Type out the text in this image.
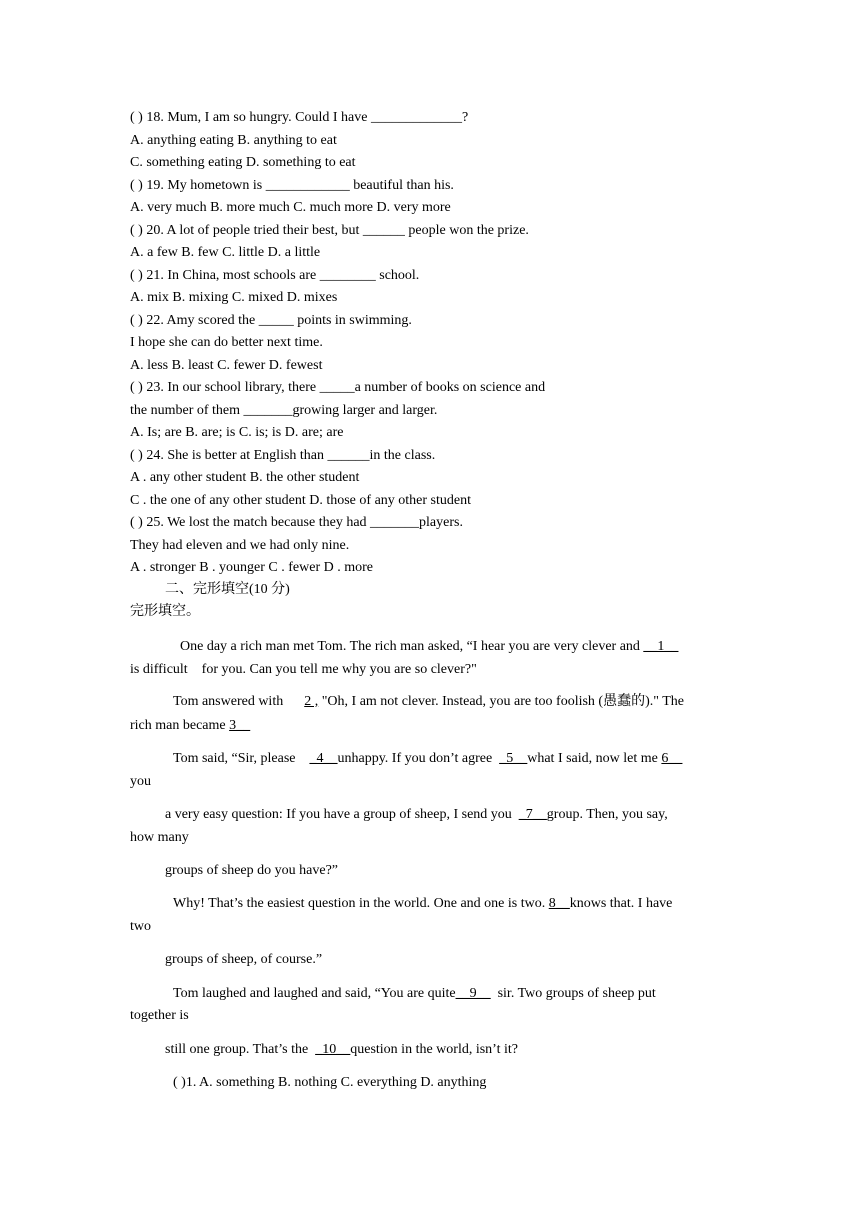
( ) 18. Mum, I am so hungry. Could I have _____________?
A. anything eating B. anything to eat
C. something eating D. something to eat
( ) 19. My hometown is ____________ beautiful than his.
A. very much B. more much C. much more D. very more
( ) 20. A lot of people tried their best, but ______ people won the prize.
A. a few B. few C. little D. a little
( ) 21. In China, most schools are ________ school.
A. mix B. mixing C. mixed D. mixes
( ) 22. Amy scored the _____ points in swimming.
I hope she can do better next time.
A. less B. least C. fewer D. fewest
( ) 23. In our school library, there _____a number of books on science and
the number of them _______growing larger and larger.
A. Is; are B. are; is C. is; is D. are; are
( ) 24. She is better at English than ______in the class.
A . any other student B. the other student
C . the one of any other student D. those of any other student
( ) 25. We lost the match because they had _______players.
They had eleven and we had only nine.
A . stronger B . younger C . fewer D . more
二、完形填空(10 分)
完形填空。
One day a rich man met Tom. The rich man asked, “I hear you are very clever and __1__
is difficult    for you. Can you tell me why you are so clever?"
Tom answered with      2 , "Oh, I am not clever. Instead, you are too foolish (愚蠢的)." The
rich man became 3__
Tom said, “Sir, please    _4__unhappy. If you don’t agree  _5__what I said, now let me 6__
you
a very easy question: If you have a group of sheep, I send you  _7__group. Then, you say,
how many
groups of sheep do you have?”
Why! That’s the easiest question in the world. One and one is two. 8__knows that. I have
two
groups of sheep, of course.”
Tom laughed and laughed and said, “You are quite__9__  sir. Two groups of sheep put
together is
still one group. That’s the  _10__question in the world, isn’t it?
( )1. A. something B. nothing C. everything D. anything
